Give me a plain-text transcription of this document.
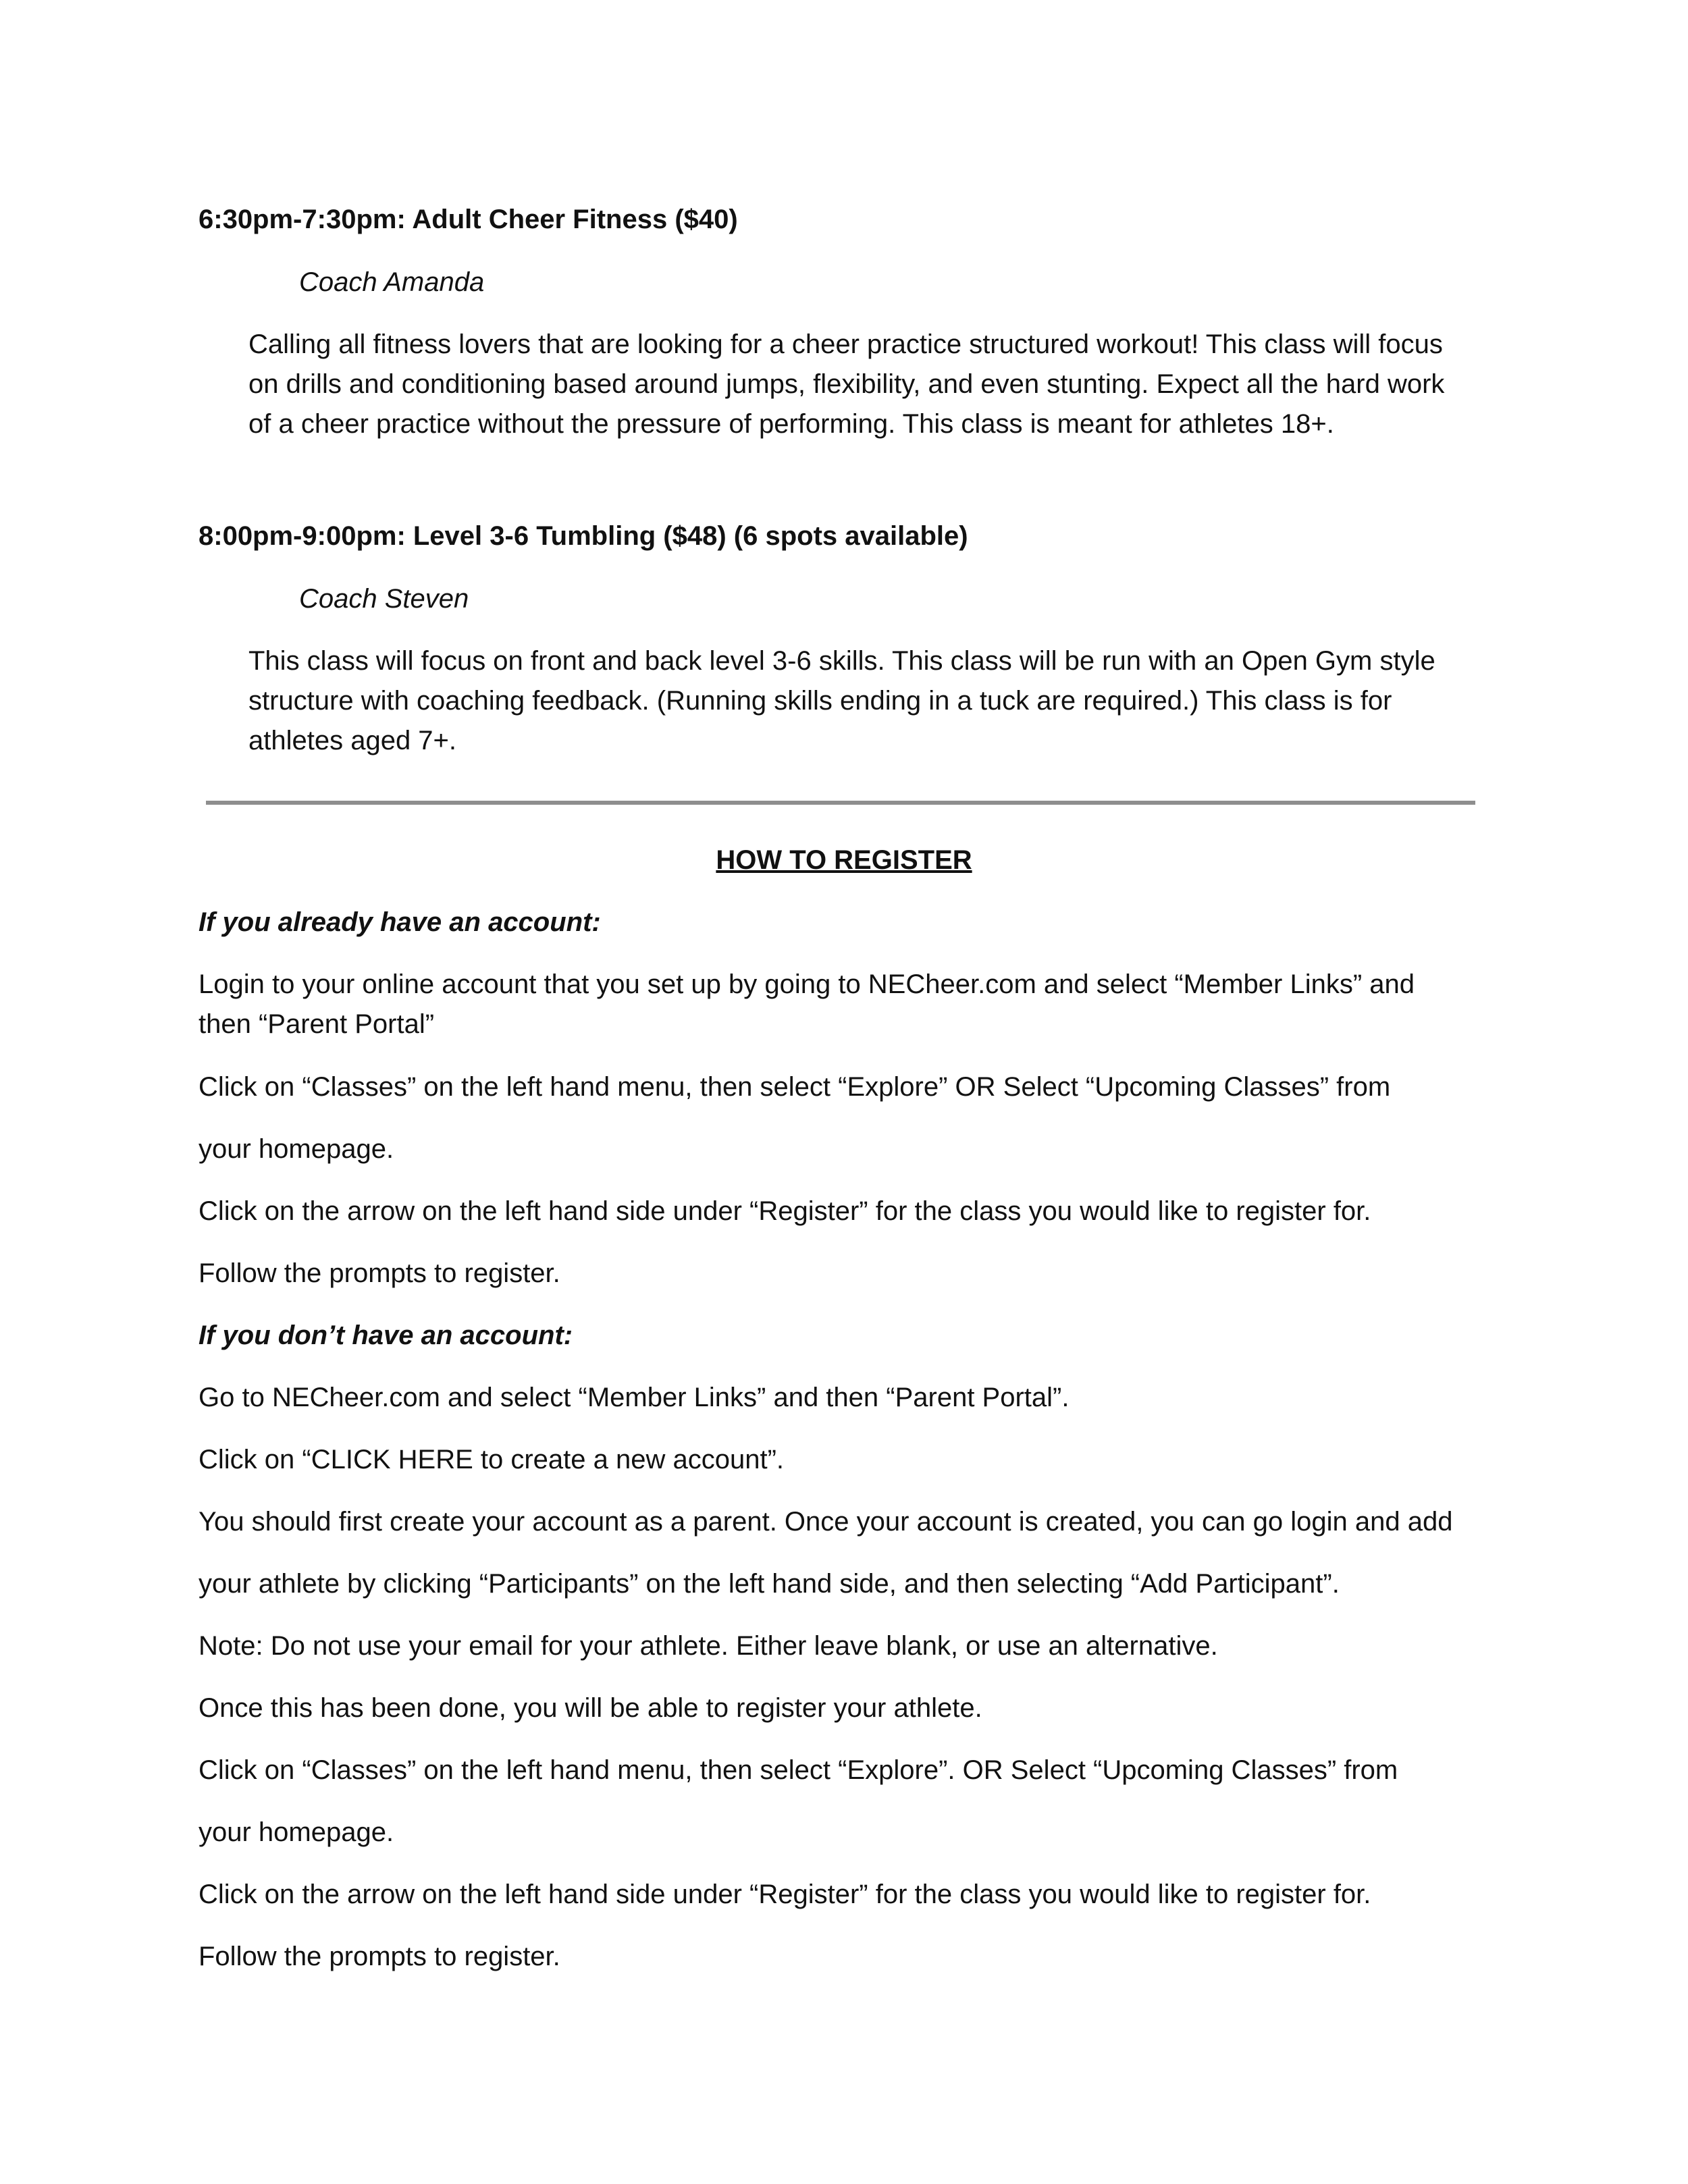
6:30pm-7:30pm: Adult Cheer Fitness ($40)

Coach Amanda

Calling all fitness lovers that are looking for a cheer practice structured workout! This class will focus

on drills and conditioning based around jumps, flexibility, and even stunting. Expect all the hard work

of a cheer practice without the pressure of performing. This class is meant for athletes 18+.

8:00pm-9:00pm: Level 3-6 Tumbling ($48) (6 spots available)

Coach Steven

This class will focus on front and back level 3-6 skills. This class will be run with an Open Gym style

structure with coaching feedback. (Running skills ending in a tuck are required.) This class is for

athletes aged 7+.

HOW TO REGISTER

If you already have an account:

Login to your online account that you set up by going to NECheer.com and select “Member Links” and

then “Parent Portal”

Click on “Classes” on the left hand menu, then select “Explore” OR Select “Upcoming Classes” from

your homepage.

Click on the arrow on the left hand side under “Register” for the class you would like to register for.

Follow the prompts to register.

If you don’t have an account:

Go to NECheer.com and select “Member Links” and then “Parent Portal”.

Click on “CLICK HERE to create a new account”.

You should first create your account as a parent. Once your account is created, you can go login and add

your athlete by clicking “Participants” on the left hand side, and then selecting “Add Participant”.

Note: Do not use your email for your athlete. Either leave blank, or use an alternative.

Once this has been done, you will be able to register your athlete.

Click on “Classes” on the left hand menu, then select “Explore”. OR Select “Upcoming Classes” from

your homepage.

Click on the arrow on the left hand side under “Register” for the class you would like to register for.

Follow the prompts to register.
